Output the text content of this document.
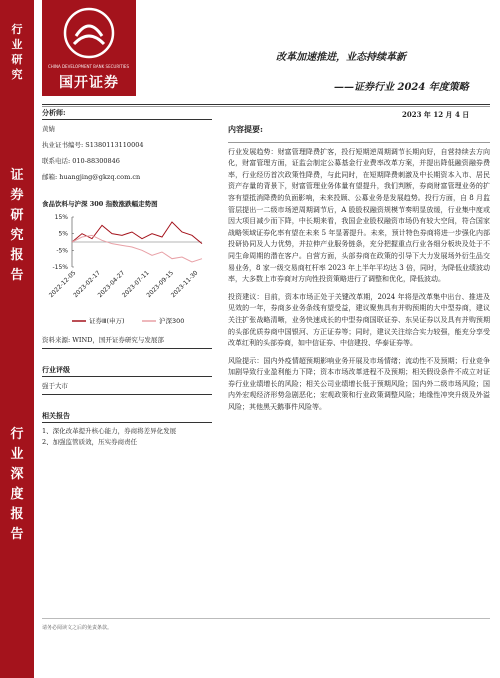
行
业
研
究
证
券
研
究
报
告
行
业
深
度
报
告
CHINA DEVELOPMENT BANK SECURITIES
国开证券
改革加速推进，业态持续革新
——证券行业 2024 年度策略
分析师:
黄婧
执业证书编号: S1380113110004
联系电话: 010-88300846
邮箱: huangjing@gkzq.com.cn
食品饮料与沪深 300 指数涨跌幅走势图
15%
5%
-5%
-15%
2022-12-05
2023-02-17
2023-04-27
2023-07-11
2023-09-15
2023-11-30
证券Ⅲ(申万)	沪深300
资料来源: WIND，国开证券研究与发展部
行业评级
强于大市
相关报告
1、深化改革提升核心能力，券商将差异化发展
2、加强监管质效，压实券商责任
2023 年 12 月 4 日
内容提要:

行业发展趋势：财富管理降费扩客，投行短期逆周期调节长期向好，自营持续去方向化，财富管理方面，证监会制定公募基金行业费率改革方案，并提出降低融资融券费率，行业经历首次政策性降费，与此同时，在短期降费刺激及中长期资本入市、居民资产存量的背景下，财富管理业务体量有望提升，我们判断，券商财富管理业务的扩容有望抵消降费的负面影响，未来投顾、公募业务是发展趋势。投行方面，自 8 月监管层提出一二级市场逆周期调节后，A 股股权融资规模节奏明显放缓，行业集中度或因大项目减少而下降，中长期来看，我国企业股权融资市场仍有较大空间，符合国家战略领域证券化率有望在未来 5 年显著提升。未来，预计特色券商将进一步强化内部投研协同及人力优势，并拉伸产业服务链条，充分把握重点行业各细分板块及处于不同生命周期的潜在客户。自营方面，头部券商在政策的引导下大力发展场外衍生品交易业务，8 家一级交易商杠杆率 2023 年上半年平均达 3 倍，同时，为降低业绩波动率，大多数上市券商对方向性投资策略进行了调整和优化，降低波动。

投资建议：目前，资本市场正处于关键改革期，2024 年将是改革集中出台、推进及见效的一年，券商多业务条线有望受益，建议聚焦具有并购预期的大中型券商，建议关注扩张战略清晰，业务快速成长的中型券商国联证券、东吴证券以及具有并购预期的头部优质券商中国银河、方正证券等；同时，建议关注综合实力较强，能充分享受改革红利的头部券商，如中信证券、中信建投、华泰证券等。

风险提示：国内外疫情超预期影响业务开展及市场情绪；流动性不及预期；行业竞争加剧导致行业盈利能力下降；资本市场改革进程不及预期；相关假设条件不成立对证券行业业绩增长的风险；相关公司业绩增长低于预期风险；国内外二级市场风险；国内外宏观经济形势急剧恶化；宏观政策和行业政策调整风险；地缘性冲突升级及外溢风险；其他黑天鹅事件风险等。

请务必阅读文之后的免责条款。
